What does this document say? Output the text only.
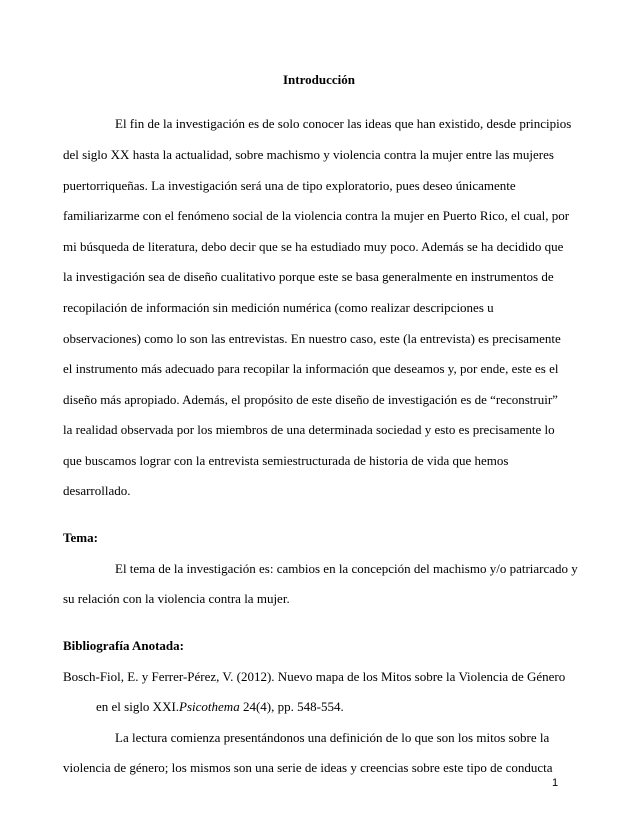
Introducción
El fin de la investigación es de solo conocer las ideas que han existido, desde principios
del siglo XX hasta la actualidad, sobre machismo y violencia contra la mujer entre las mujeres
puertorriqueñas. La investigación será una de tipo exploratorio, pues deseo únicamente
familiarizarme con el fenómeno social de la violencia contra la mujer en Puerto Rico, el cual, por
mi búsqueda de literatura, debo decir que se ha estudiado muy poco. Además se ha decidido que
la investigación sea de diseño cualitativo porque este se basa generalmente en instrumentos de
recopilación de información sin medición numérica (como realizar descripciones u
observaciones) como lo son las entrevistas. En nuestro caso, este (la entrevista) es precisamente
el instrumento más adecuado para recopilar la información que deseamos y, por ende, este es el
diseño más apropiado. Además, el propósito de este diseño de investigación es de “reconstruir”
la realidad observada por los miembros de una determinada sociedad y esto es precisamente lo
que buscamos lograr con la entrevista semiestructurada de historia de vida que hemos
desarrollado.
Tema:
El tema de la investigación es: cambios en la concepción del machismo y/o patriarcado y
su relación con la violencia contra la mujer.
Bibliografía Anotada:
Bosch-Fiol, E. y Ferrer-Pérez, V. (2012). Nuevo mapa de los Mitos sobre la Violencia de Género
en el siglo XXI.Psicothema 24(4), pp. 548-554.
La lectura comienza presentándonos una definición de lo que son los mitos sobre la
violencia de género; los mismos son una serie de ideas y creencias sobre este tipo de conducta
1
